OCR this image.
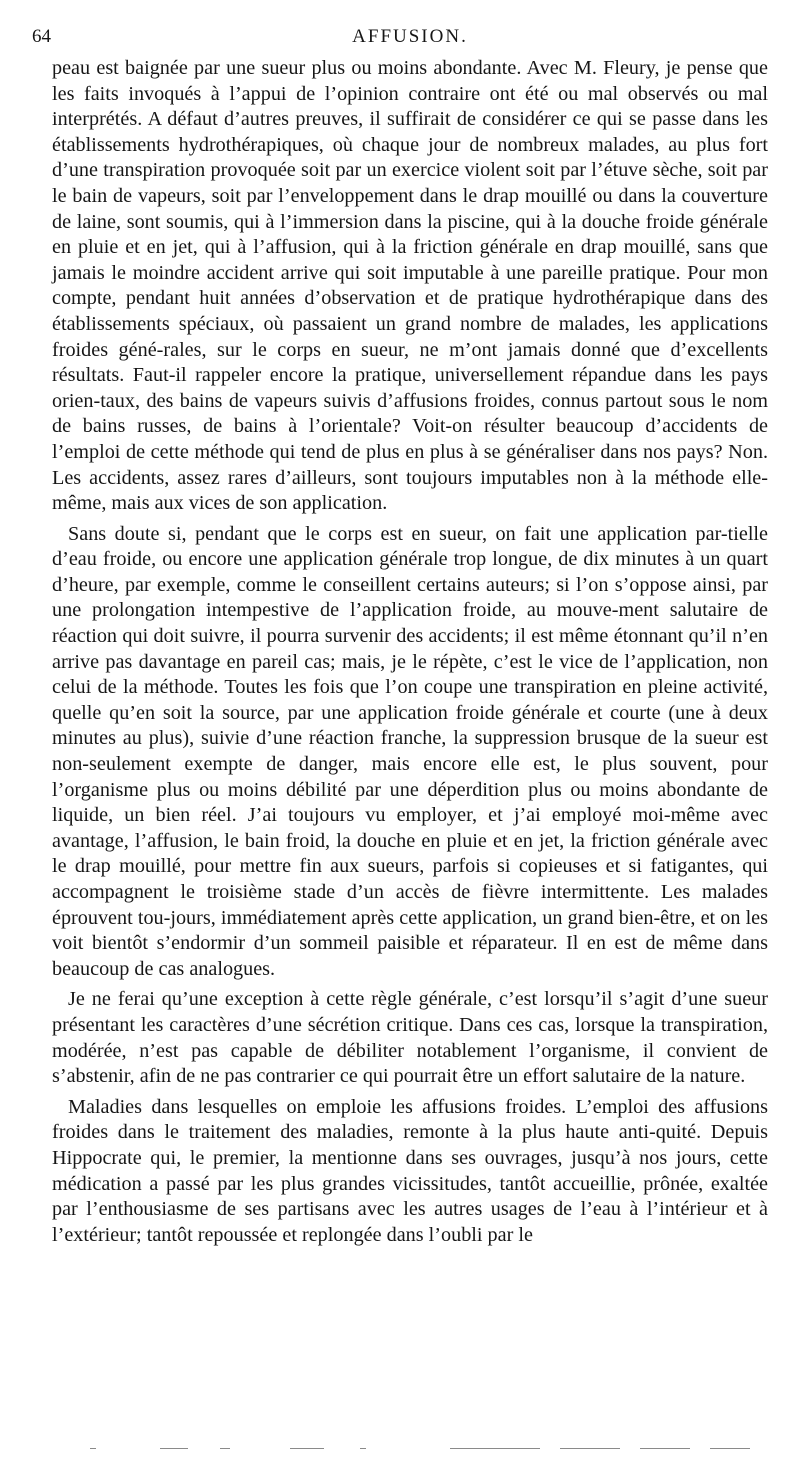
64	AFFUSION.

peau est baignée par une sueur plus ou moins abondante. Avec M. Fleury, je pense que les faits invoqués à l’appui de l’opinion contraire ont été ou mal observés ou mal interprétés. A défaut d’autres preuves, il suffirait de considérer ce qui se passe dans les établissements hydrothérapiques, où chaque jour de nombreux malades, au plus fort d’une transpiration provoquée soit par un exercice violent soit par l’étuve sèche, soit par le bain de vapeurs, soit par l’enveloppement dans le drap mouillé ou dans la couverture de laine, sont soumis, qui à l’immersion dans la piscine, qui à la douche froide générale en pluie et en jet, qui à l’affusion, qui à la friction générale en drap mouillé, sans que jamais le moindre accident arrive qui soit imputable à une pareille pratique. Pour mon compte, pendant huit années d’observation et de pratique hydrothérapique dans des établissements spéciaux, où passaient un grand nombre de malades, les applications froides géné-rales, sur le corps en sueur, ne m’ont jamais donné que d’excellents résultats. Faut-il rappeler encore la pratique, universellement répandue dans les pays orien-taux, des bains de vapeurs suivis d’affusions froides, connus partout sous le nom de bains russes, de bains à l’orientale? Voit-on résulter beaucoup d’accidents de l’emploi de cette méthode qui tend de plus en plus à se généraliser dans nos pays? Non. Les accidents, assez rares d’ailleurs, sont toujours imputables non à la méthode elle-même, mais aux vices de son application.

Sans doute si, pendant que le corps est en sueur, on fait une application par-tielle d’eau froide, ou encore une application générale trop longue, de dix minutes à un quart d’heure, par exemple, comme le conseillent certains auteurs; si l’on s’oppose ainsi, par une prolongation intempestive de l’application froide, au mouve-ment salutaire de réaction qui doit suivre, il pourra survenir des accidents; il est même étonnant qu’il n’en arrive pas davantage en pareil cas; mais, je le répète, c’est le vice de l’application, non celui de la méthode. Toutes les fois que l’on coupe une transpiration en pleine activité, quelle qu’en soit la source, par une application froide générale et courte (une à deux minutes au plus), suivie d’une réaction franche, la suppression brusque de la sueur est non-seulement exempte de danger, mais encore elle est, le plus souvent, pour l’organisme plus ou moins débilité par une déperdition plus ou moins abondante de liquide, un bien réel. J’ai toujours vu employer, et j’ai employé moi-même avec avantage, l’affusion, le bain froid, la douche en pluie et en jet, la friction générale avec le drap mouillé, pour mettre fin aux sueurs, parfois si copieuses et si fatigantes, qui accompagnent le troisième stade d’un accès de fièvre intermittente. Les malades éprouvent tou-jours, immédiatement après cette application, un grand bien-être, et on les voit bientôt s’endormir d’un sommeil paisible et réparateur. Il en est de même dans beaucoup de cas analogues.

Je ne ferai qu’une exception à cette règle générale, c’est lorsqu’il s’agit d’une sueur présentant les caractères d’une sécrétion critique. Dans ces cas, lorsque la transpiration, modérée, n’est pas capable de débiliter notablement l’organisme, il convient de s’abstenir, afin de ne pas contrarier ce qui pourrait être un effort salutaire de la nature.

Maladies dans lesquelles on emploie les affusions froides. L’emploi des affusions froides dans le traitement des maladies, remonte à la plus haute anti-quité. Depuis Hippocrate qui, le premier, la mentionne dans ses ouvrages, jusqu’à nos jours, cette médication a passé par les plus grandes vicissitudes, tantôt accueillie, prônée, exaltée par l’enthousiasme de ses partisans avec les autres usages de l’eau à l’intérieur et à l’extérieur; tantôt repoussée et replongée dans l’oubli par le
